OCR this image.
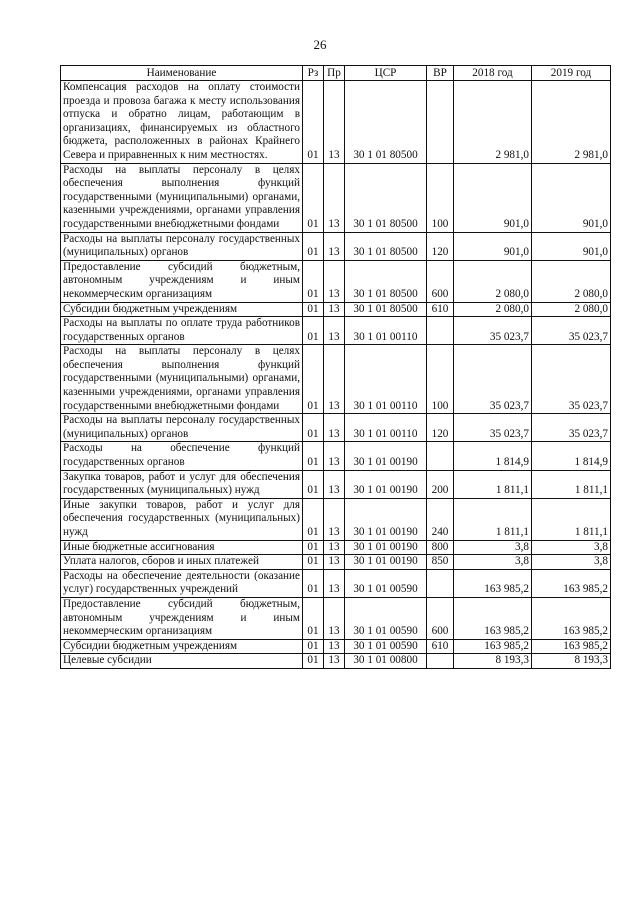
26
Наименование	Рз	Пр	ЦСР	ВР	2018 год	2019 год
Компенсация расходов на оплату стоимости проезда и провоза багажа к месту использования отпуска и обратно лицам, работающим в организациях, финансируемых из областного бюджета, расположенных в районах Крайнего Севера и приравненных к ним местностях.	01	13	30 1 01 80500		2 981,0	2 981,0
Расходы на выплаты персоналу в целях обеспечения выполнения функций государственными (муниципальными) органами, казенными учреждениями, органами управления государственными внебюджетными фондами	01	13	30 1 01 80500	100	901,0	901,0
Расходы на выплаты персоналу государственных (муниципальных) органов	01	13	30 1 01 80500	120	901,0	901,0
Предоставление субсидий бюджетным, автономным учреждениям и иным некоммерческим организациям	01	13	30 1 01 80500	600	2 080,0	2 080,0
Субсидии бюджетным учреждениям	01	13	30 1 01 80500	610	2 080,0	2 080,0
Расходы на выплаты по оплате труда работников государственных органов	01	13	30 1 01 00110		35 023,7	35 023,7
Расходы на выплаты персоналу в целях обеспечения выполнения функций государственными (муниципальными) органами, казенными учреждениями, органами управления государственными внебюджетными фондами	01	13	30 1 01 00110	100	35 023,7	35 023,7
Расходы на выплаты персоналу государственных (муниципальных) органов	01	13	30 1 01 00110	120	35 023,7	35 023,7
Расходы на обеспечение функций государственных органов	01	13	30 1 01 00190		1 814,9	1 814,9
Закупка товаров, работ и услуг для обеспечения государственных (муниципальных) нужд	01	13	30 1 01 00190	200	1 811,1	1 811,1
Иные закупки товаров, работ и услуг для обеспечения государственных (муниципальных) нужд	01	13	30 1 01 00190	240	1 811,1	1 811,1
Иные бюджетные ассигнования	01	13	30 1 01 00190	800	3,8	3,8
Уплата налогов, сборов и иных платежей	01	13	30 1 01 00190	850	3,8	3,8
Расходы на обеспечение деятельности (оказание услуг) государственных учреждений	01	13	30 1 01 00590		163 985,2	163 985,2
Предоставление субсидий бюджетным, автономным учреждениям и иным некоммерческим организациям	01	13	30 1 01 00590	600	163 985,2	163 985,2
Субсидии бюджетным учреждениям	01	13	30 1 01 00590	610	163 985,2	163 985,2
Целевые субсидии	01	13	30 1 01 00800		8 193,3	8 193,3
